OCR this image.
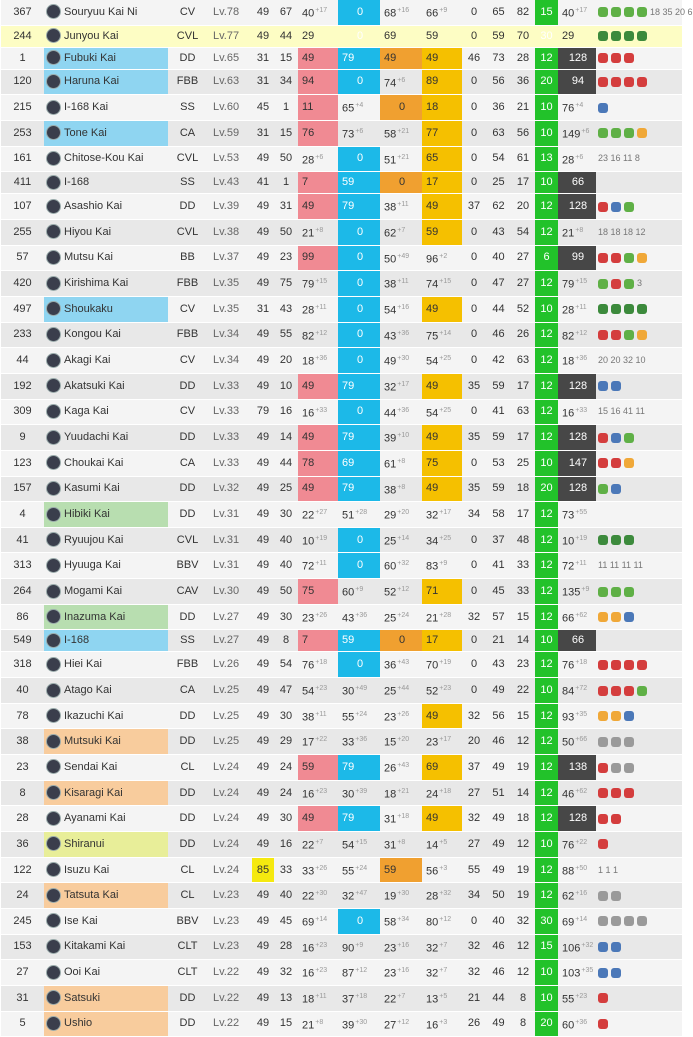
367	Souryuu Kai Ni	CV	Lv.78	49	67	$40^{+17}$	0	$68^{+16}$	$66^{+9}$	0	65	82	15	$40^{+17}$	18 35 20 6
244	Junyou Kai	CVL	Lv.77	49	44	29	0	69	59	0	59	70	30	29	
1	Fubuki Kai	DD	Lv.65	31	15	49	79	49	49	46	73	28	12	128	
120	Haruna Kai	FBB	Lv.63	31	34	94	0	$74^{+6}$	89	0	56	36	20	94	
215	I-168 Kai	SS	Lv.60	45	1	11	$65^{+4}$	0	18	0	36	21	10	$76^{+4}$	
253	Tone Kai	CA	Lv.59	31	15	76	$73^{+6}$	$58^{+21}$	77	0	63	56	10	$149^{+6}$	
161	Chitose-Kou Kai	CVL	Lv.53	49	50	$28^{+6}$	0	$51^{+21}$	65	0	54	61	13	$28^{+6}$	23 16 11 8
411	I-168	SS	Lv.43	41	1	7	59	0	17	0	25	17	10	66	
107	Asashio Kai	DD	Lv.39	49	31	49	79	$38^{+11}$	49	37	62	20	12	128	
255	Hiyou Kai	CVL	Lv.38	49	50	$21^{+8}$	0	$62^{+7}$	59	0	43	54	12	$21^{+8}$	18 18 18 12
57	Mutsu Kai	BB	Lv.37	49	23	99	0	$50^{+49}$	$96^{+2}$	0	40	27	6	99	
420	Kirishima Kai	FBB	Lv.35	49	75	$79^{+15}$	0	$38^{+11}$	$74^{+15}$	0	47	27	12	$79^{+15}$	3
497	Shoukaku	CV	Lv.35	31	43	$28^{+11}$	0	$54^{+16}$	49	0	44	52	10	$28^{+11}$	
233	Kongou Kai	FBB	Lv.34	49	55	$82^{+12}$	0	$43^{+36}$	$75^{+14}$	0	46	26	12	$82^{+12}$	
44	Akagi Kai	CV	Lv.34	49	20	$18^{+36}$	0	$49^{+30}$	$54^{+25}$	0	42	63	12	$18^{+36}$	20 20 32 10
192	Akatsuki Kai	DD	Lv.33	49	10	49	79	$32^{+17}$	49	35	59	17	12	128	
309	Kaga Kai	CV	Lv.33	79	16	$16^{+33}$	0	$44^{+36}$	$54^{+25}$	0	41	63	12	$16^{+33}$	15 16 41 11
9	Yuudachi Kai	DD	Lv.33	49	14	49	79	$39^{+10}$	49	35	59	17	12	128	
123	Choukai Kai	CA	Lv.33	49	44	78	69	$61^{+8}$	75	0	53	25	10	147	
157	Kasumi Kai	DD	Lv.32	49	25	49	79	$38^{+8}$	49	35	59	18	20	128	
4	Hibiki Kai	DD	Lv.31	49	30	$22^{+27}$	$51^{+28}$	$29^{+20}$	$32^{+17}$	34	58	17	12	$73^{+55}$	
41	Ryuujou Kai	CVL	Lv.31	49	40	$10^{+19}$	0	$25^{+14}$	$34^{+25}$	0	37	48	12	$10^{+19}$	
313	Hyuuga Kai	BBV	Lv.31	49	40	$72^{+11}$	0	$60^{+32}$	$83^{+9}$	0	41	33	12	$72^{+11}$	11 11 11 11
264	Mogami Kai	CAV	Lv.30	49	50	75	$60^{+9}$	$52^{+12}$	71	0	45	33	12	$135^{+9}$	
86	Inazuma Kai	DD	Lv.27	49	30	$23^{+26}$	$43^{+36}$	$25^{+24}$	$21^{+28}$	32	57	15	12	$66^{+62}$	
549	I-168	SS	Lv.27	49	8	7	59	0	17	0	21	14	10	66	
318	Hiei Kai	FBB	Lv.26	49	54	$76^{+18}$	0	$36^{+43}$	$70^{+19}$	0	43	23	12	$76^{+18}$	
40	Atago Kai	CA	Lv.25	49	47	$54^{+23}$	$30^{+49}$	$25^{+44}$	$52^{+23}$	0	49	22	10	$84^{+72}$	
78	Ikazuchi Kai	DD	Lv.25	49	30	$38^{+11}$	$55^{+24}$	$23^{+26}$	49	32	56	15	12	$93^{+35}$	
38	Mutsuki Kai	DD	Lv.25	49	29	$17^{+22}$	$33^{+36}$	$15^{+20}$	$23^{+17}$	20	46	12	12	$50^{+66}$	
23	Sendai Kai	CL	Lv.24	49	24	59	79	$26^{+43}$	69	37	49	19	12	138	
8	Kisaragi Kai	DD	Lv.24	49	24	$16^{+23}$	$30^{+39}$	$18^{+21}$	$24^{+18}$	27	51	14	12	$46^{+62}$	
28	Ayanami Kai	DD	Lv.24	49	30	49	79	$31^{+18}$	49	32	49	18	12	128	
36	Shiranui	DD	Lv.24	49	16	$22^{+7}$	$54^{+15}$	$31^{+8}$	$14^{+5}$	27	49	12	10	$76^{+22}$	
122	Isuzu Kai	CL	Lv.24	85	33	$33^{+26}$	$55^{+24}$	59	$56^{+3}$	55	49	19	12	$88^{+50}$	1 1 1
24	Tatsuta Kai	CL	Lv.23	49	40	$22^{+30}$	$32^{+47}$	$19^{+30}$	$28^{+32}$	34	50	19	12	$62^{+16}$	
245	Ise Kai	BBV	Lv.23	49	45	$69^{+14}$	0	$58^{+34}$	$80^{+12}$	0	40	32	30	$69^{+14}$	
153	Kitakami Kai	CLT	Lv.23	49	28	$16^{+23}$	$90^{+9}$	$23^{+16}$	$32^{+7}$	32	46	12	15	$106^{+32}$	
27	Ooi Kai	CLT	Lv.22	49	32	$16^{+23}$	$87^{+12}$	$23^{+16}$	$32^{+7}$	32	46	12	10	$103^{+35}$	
31	Satsuki	DD	Lv.22	49	13	$18^{+11}$	$37^{+18}$	$22^{+7}$	$13^{+5}$	21	44	8	10	$55^{+23}$	
5	Ushio	DD	Lv.22	49	15	$21^{+8}$	$39^{+30}$	$27^{+12}$	$16^{+3}$	26	49	8	20	$60^{+36}$	
